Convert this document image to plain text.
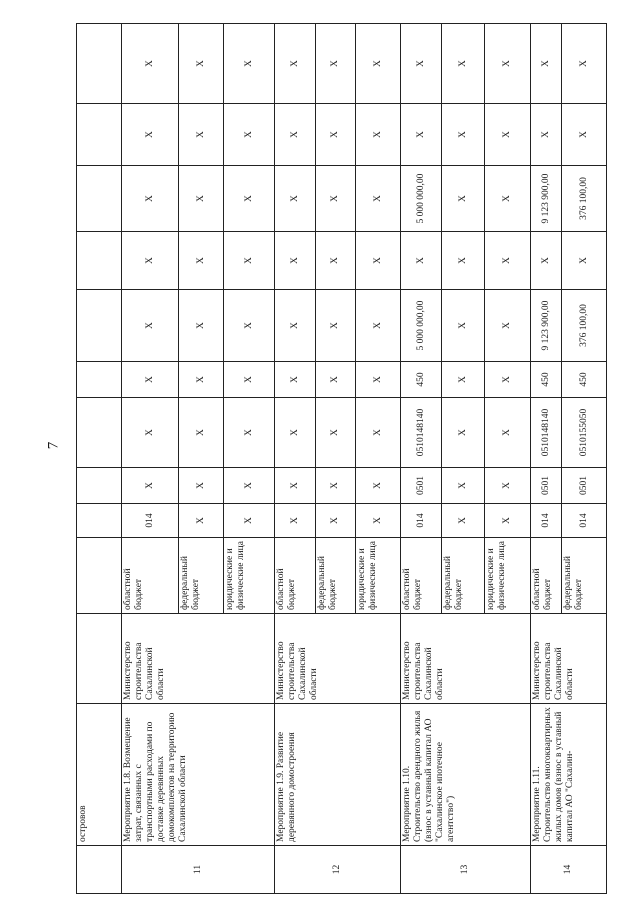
7
	островов											
11	Мероприятие 1.8. Возмещение затрат, связанных с транспортными расходами по доставке деревянных домокомплектов на территорию Сахалинской области	Министерство строительства Сахалинской области	областной бюджет	014	X	X	X	X	X	X	X	X
			федеральный бюджет	X	X	X	X	X	X	X	X	X
			юридические и физические лица	X	X	X	X	X	X	X	X	X
12	Мероприятие 1.9. Развитие деревянного домостроения	Министерство строительства Сахалинской области	областной бюджет	X	X	X	X	X	X	X	X	X
			федеральный бюджет	X	X	X	X	X	X	X	X	X
			юридические и физические лица	X	X	X	X	X	X	X	X	X
13	Мероприятие 1.10. Строительство арендного жилья (взнос в уставный капитал АО "Сахалинское ипотечное агентство")	Министерство строительства Сахалинской области	областной бюджет	014	0501	0510148140	450	5 000 000,00	X	5 000 000,00	X	X
			федеральный бюджет	X	X	X	X	X	X	X	X	X
			юридические и физические лица	X	X	X	X	X	X	X	X	X
14	Мероприятие 1.11. Строительство многоквартирных жилых домов (взнос в уставный капитал АО "Сахалин-	Министерство строительства Сахалинской области	областной бюджет	014	0501	0510148140	450	9 123 900,00	X	9 123 900,00	X	X
			федеральный бюджет	014	0501	0510155050	450	376 100,00	X	376 100,00	X	X
